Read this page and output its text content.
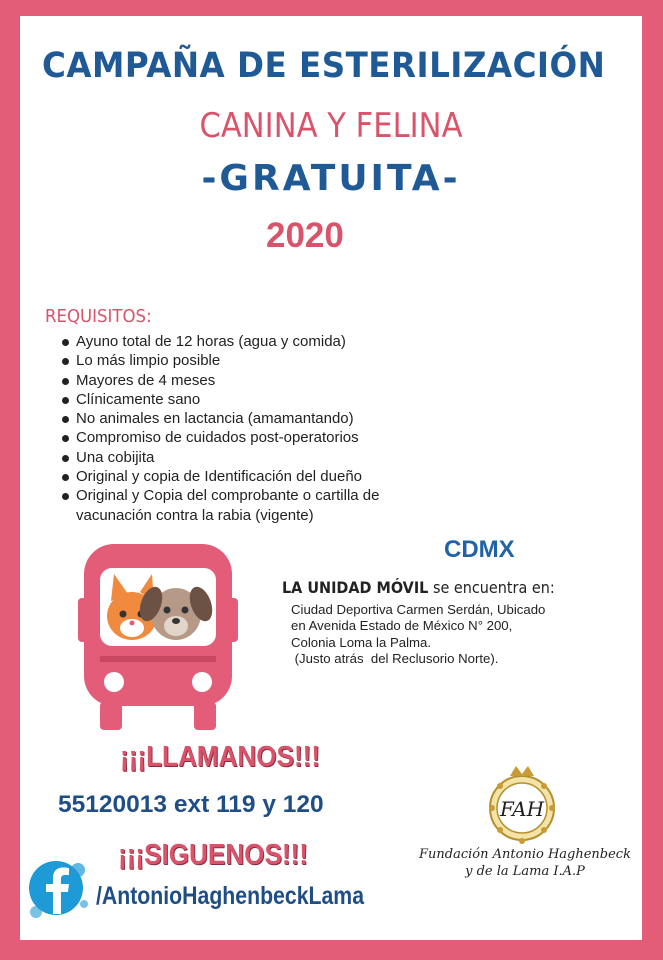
CAMPAÑA DE ESTERILIZACIÓN
CANINA Y FELINA
-GRATUITA-
2020
REQUISITOS:
Ayuno total de 12 horas (agua y comida)
Lo más limpio posible
Mayores de 4 meses
Clínicamente sano
No animales en lactancia (amamantando)
Compromiso de cuidados post-operatorios
Una cobijita
Original y copia de Identificación del dueño
Original y Copia del comprobante o cartilla de vacunación contra la rabia (vigente)
CDMX
LA UNIDAD MÓVIL se encuentra en:
Ciudad Deportiva Carmen Serdán, Ubicado
en Avenida Estado de México N° 200,
Colonia Loma la Palma.
(Justo atrás  del Reclusorio Norte).
¡¡¡LLAMANOS!!!
55120013 ext 119 y 120
¡¡¡SIGUENOS!!!
/AntonioHaghenbeckLama
FAH
Fundación Antonio Haghenbeck
y de la Lama I.A.P
